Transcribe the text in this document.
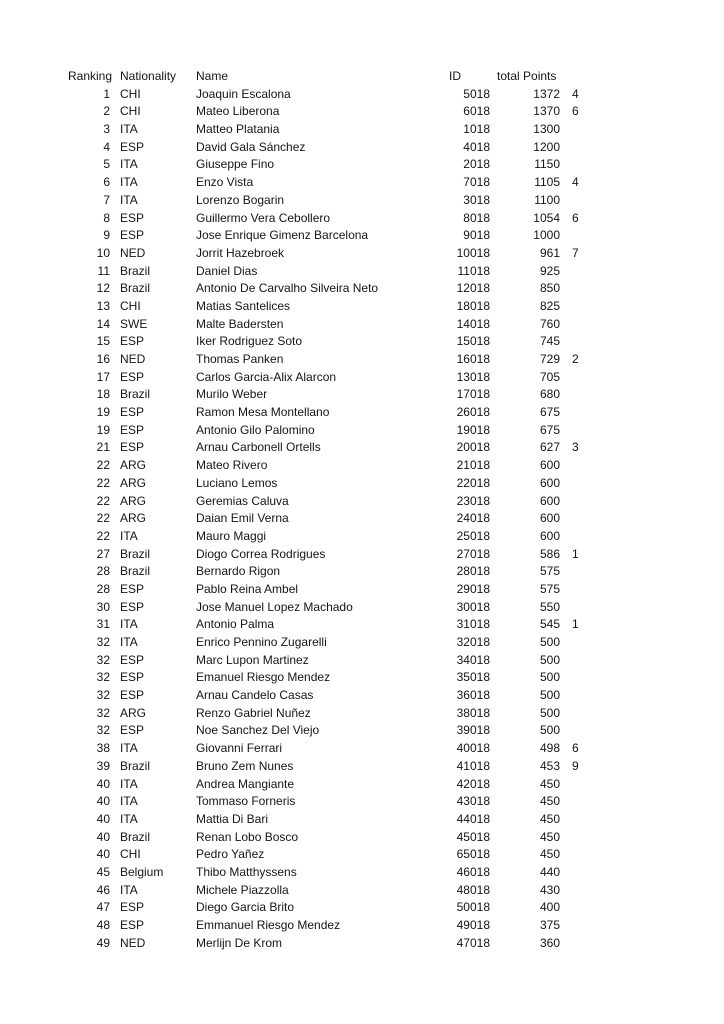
Ranking Nationality	Name	ID	total Points
1 CHI	Joaquin Escalona	5018	1372	4
2 CHI	Mateo Liberona	6018	1370	6
3 ITA	Matteo Platania	1018	1300
4 ESP	David Gala Sánchez	4018	1200
5 ITA	Giuseppe Fino	2018	1150
6 ITA	Enzo Vista	7018	1105	4
7 ITA	Lorenzo Bogarin	3018	1100
8 ESP	Guillermo Vera Cebollero	8018	1054	6
9 ESP	Jose Enrique Gimenz Barcelona	9018	1000
10 NED	Jorrit Hazebroek	10018	961	7
11 Brazil	Daniel Dias	11018	925
12 Brazil	Antonio De Carvalho Silveira Neto	12018	850
13 CHI	Matias Santelices	18018	825
14 SWE	Malte Badersten	14018	760
15 ESP	Iker Rodriguez Soto	15018	745
16 NED	Thomas Panken	16018	729	2
17 ESP	Carlos Garcia-Alix Alarcon	13018	705
18 Brazil	Murilo Weber	17018	680
19 ESP	Ramon Mesa Montellano	26018	675
19 ESP	Antonio Gilo Palomino	19018	675
21 ESP	Arnau Carbonell Ortells	20018	627	3
22 ARG	Mateo Rivero	21018	600
22 ARG	Luciano Lemos	22018	600
22 ARG	Geremias Caluva	23018	600
22 ARG	Daian Emil Verna	24018	600
22 ITA	Mauro Maggi	25018	600
27 Brazil	Diogo Correa Rodrigues	27018	586	1
28 Brazil	Bernardo Rigon	28018	575
28 ESP	Pablo Reina Ambel	29018	575
30 ESP	Jose Manuel Lopez Machado	30018	550
31 ITA	Antonio Palma	31018	545	1
32 ITA	Enrico Pennino Zugarelli	32018	500
32 ESP	Marc Lupon Martinez	34018	500
32 ESP	Emanuel Riesgo Mendez	35018	500
32 ESP	Arnau Candelo Casas	36018	500
32 ARG	Renzo Gabriel Nuñez	38018	500
32 ESP	Noe Sanchez Del Viejo	39018	500
38 ITA	Giovanni Ferrari	40018	498	6
39 Brazil	Bruno Zem Nunes	41018	453	9
40 ITA	Andrea Mangiante	42018	450
40 ITA	Tommaso Forneris	43018	450
40 ITA	Mattia Di Bari	44018	450
40 Brazil	Renan Lobo Bosco	45018	450
40 CHI	Pedro Yañez	65018	450
45 Belgium	Thibo Matthyssens	46018	440
46 ITA	Michele Piazzolla	48018	430
47 ESP	Diego Garcia Brito	50018	400
48 ESP	Emmanuel Riesgo Mendez	49018	375
49 NED	Merlijn De Krom	47018	360
